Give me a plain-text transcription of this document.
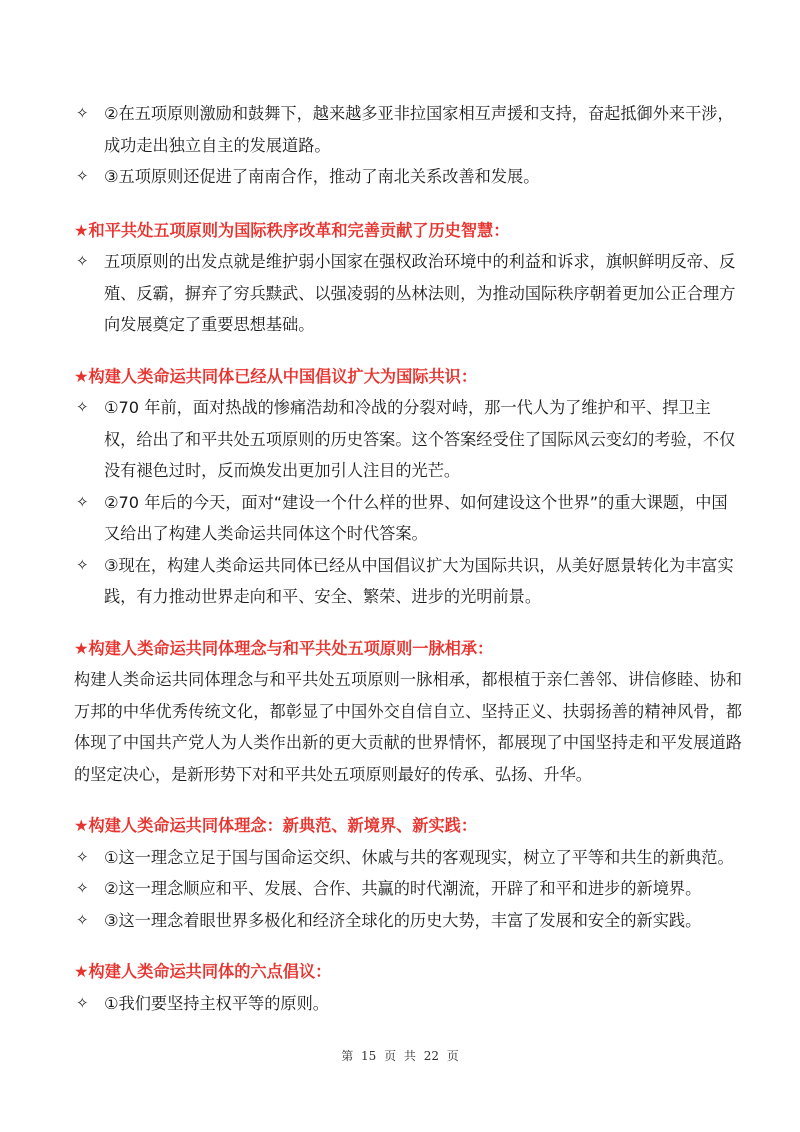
✧ ②在五项原则激励和鼓舞下，越来越多亚非拉国家相互声援和支持，奋起抵御外来干涉，成功走出独立自主的发展道路。
✧ ③五项原则还促进了南南合作，推动了南北关系改善和发展。
★和平共处五项原则为国际秩序改革和完善贡献了历史智慧：
✧ 五项原则的出发点就是维护弱小国家在强权政治环境中的利益和诉求，旗帜鲜明反帝、反殖、反霸，摒弃了穷兵黩武、以强凌弱的丛林法则，为推动国际秩序朝着更加公正合理方向发展奠定了重要思想基础。
★构建人类命运共同体已经从中国倡议扩大为国际共识：
✧ ①70 年前，面对热战的惨痛浩劫和冷战的分裂对峙，那一代人为了维护和平、捍卫主权，给出了和平共处五项原则的历史答案。这个答案经受住了国际风云变幻的考验，不仅没有褪色过时，反而焕发出更加引人注目的光芒。
✧ ②70 年后的今天，面对“建设一个什么样的世界、如何建设这个世界”的重大课题，中国又给出了构建人类命运共同体这个时代答案。
✧ ③现在，构建人类命运共同体已经从中国倡议扩大为国际共识，从美好愿景转化为丰富实践，有力推动世界走向和平、安全、繁荣、进步的光明前景。
★构建人类命运共同体理念与和平共处五项原则一脉相承：
构建人类命运共同体理念与和平共处五项原则一脉相承，都根植于亲仁善邻、讲信修睦、协和万邦的中华优秀传统文化，都彰显了中国外交自信自立、坚持正义、扶弱扬善的精神风骨，都体现了中国共产党人为人类作出新的更大贡献的世界情怀，都展现了中国坚持走和平发展道路的坚定决心，是新形势下对和平共处五项原则最好的传承、弘扬、升华。
★构建人类命运共同体理念：新典范、新境界、新实践：
✧ ①这一理念立足于国与国命运交织、休戚与共的客观现实，树立了平等和共生的新典范。
✧ ②这一理念顺应和平、发展、合作、共赢的时代潮流，开辟了和平和进步的新境界。
✧ ③这一理念着眼世界多极化和经济全球化的历史大势，丰富了发展和安全的新实践。
★构建人类命运共同体的六点倡议：
✧ ①我们要坚持主权平等的原则。
第 15 页 共 22 页
